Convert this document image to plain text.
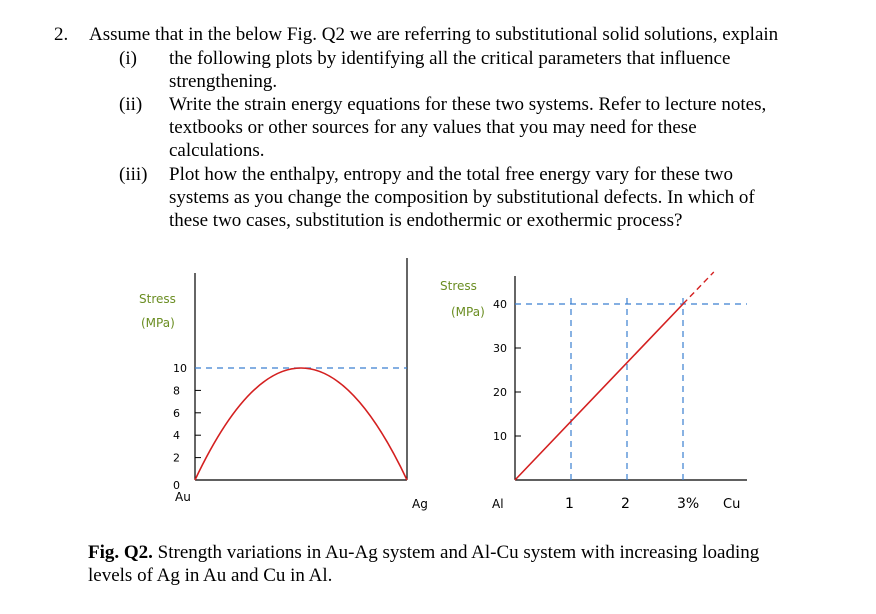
2. Assume that in the below Fig. Q2 we are referring to substitutional solid solutions, explain
(i) the following plots by identifying all the critical parameters that influence
strengthening.
(ii) Write the strain energy equations for these two systems. Refer to lecture notes,
textbooks or other sources for any values that you may need for these
calculations.
(iii) Plot how the enthalpy, entropy and the total free energy vary for these two
systems as you change the composition by substitutional defects. In which of
these two cases, substitution is endothermic or exothermic process?
Stress
0
2
4
6
8
10
Au	Ag
(MPa)
Stress
10
20
30
40
1	2	3%
Al	Cu
(MPa)
Fig. Q2. Strength variations in Au-Ag system and Al-Cu system with increasing loading levels of Ag in Au and Cu in Al.
